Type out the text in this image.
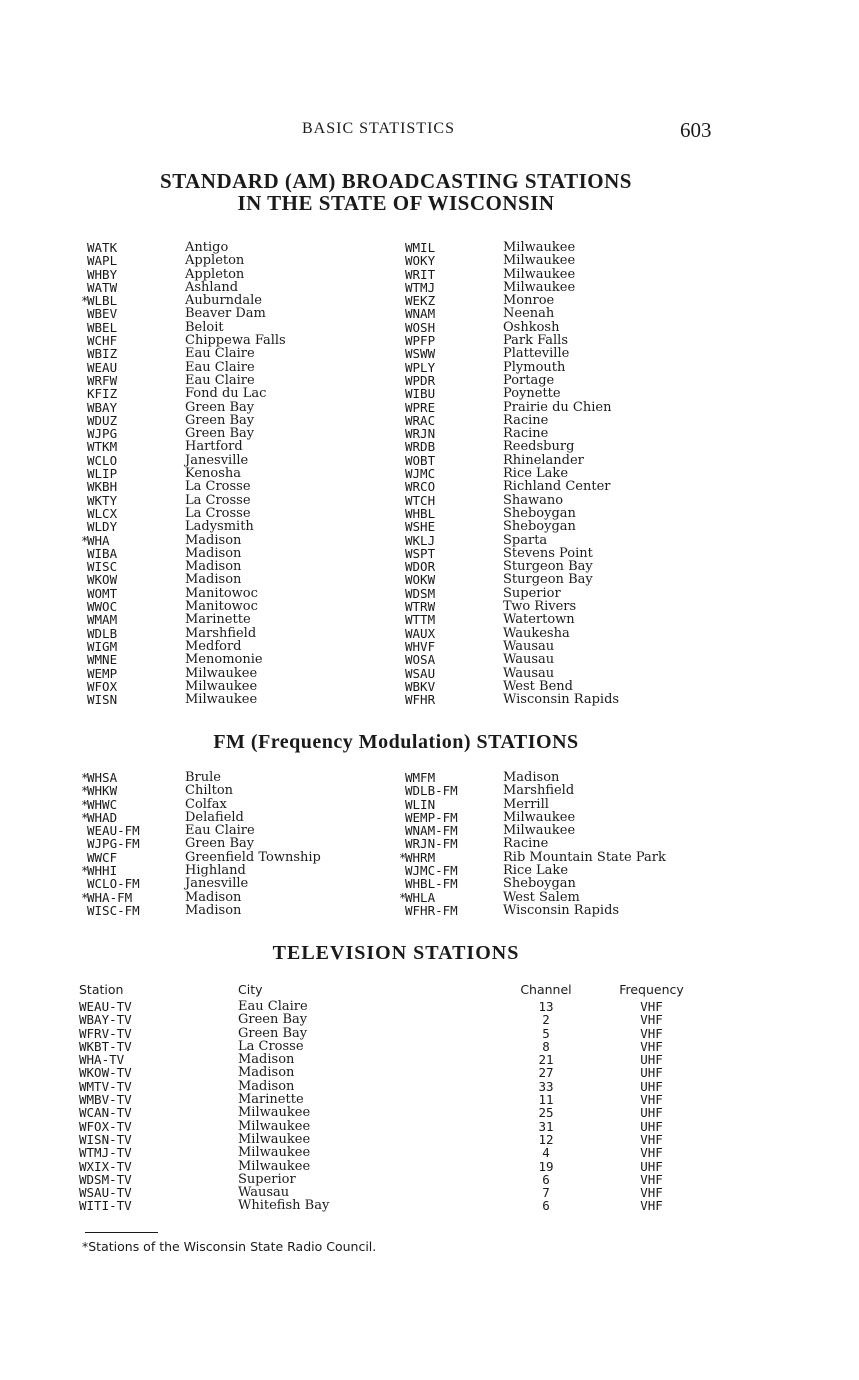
BASIC STATISTICS	603
STANDARD (AM) BROADCASTING STATIONS
IN THE STATE OF WISCONSIN
WATK	Antigo
WAPL	Appleton
WHBY	Appleton
WATW	Ashland
*
WLBL	Auburndale
WBEV	Beaver Dam
WBEL	Beloit
WCHF	Chippewa Falls
WBIZ	Eau Claire
WEAU	Eau Claire
WRFW	Eau Claire
KFIZ	Fond du Lac
WBAY	Green Bay
WDUZ	Green Bay
WJPG	Green Bay
WTKM	Hartford
WCLO	Janesville
WLIP	Kenosha
WKBH	La Crosse
WKTY	La Crosse
WLCX	La Crosse
WLDY	Ladysmith
*
WHA	Madison
WIBA	Madison
WISC	Madison
WKOW	Madison
WOMT	Manitowoc
WWOC	Manitowoc
WMAM	Marinette
WDLB	Marshfield
WIGM	Medford
WMNE	Menomonie
WEMP	Milwaukee
WFOX	Milwaukee
WISN	Milwaukee
WMIL	Milwaukee
WOKY	Milwaukee
WRIT	Milwaukee
WTMJ	Milwaukee
WEKZ	Monroe
WNAM	Neenah
WOSH	Oshkosh
WPFP	Park Falls
WSWW	Platteville
WPLY	Plymouth
WPDR	Portage
WIBU	Poynette
WPRE	Prairie du Chien
WRAC	Racine
WRJN	Racine
WRDB	Reedsburg
WOBT	Rhinelander
WJMC	Rice Lake
WRCO	Richland Center
WTCH	Shawano
WHBL	Sheboygan
WSHE	Sheboygan
WKLJ	Sparta
WSPT	Stevens Point
WDOR	Sturgeon Bay
WOKW	Sturgeon Bay
WDSM	Superior
WTRW	Two Rivers
WTTM	Watertown
WAUX	Waukesha
WHVF	Wausau
WOSA	Wausau
WSAU	Wausau
WBKV	West Bend
WFHR	Wisconsin Rapids
FM (Frequency Modulation) STATIONS
*
WHSA	Brule
*
WHKW	Chilton
*
WHWC	Colfax
*
WHAD	Delafield
WEAU-FM	Eau Claire
WJPG-FM	Green Bay
WWCF	Greenfield Township
*
WHHI	Highland
WCLO-FM	Janesville
*
WHA-FM	Madison
WISC-FM	Madison
WMFM	Madison
WDLB-FM	Marshfield
WLIN	Merrill
WEMP-FM	Milwaukee
WNAM-FM	Milwaukee
WRJN-FM	Racine
*
WHRM	Rib Mountain State Park
WJMC-FM	Rice Lake
WHBL-FM	Sheboygan
*
WHLA	West Salem
WFHR-FM	Wisconsin Rapids
TELEVISION STATIONS
Station	City	Channel	Frequency
WEAU-TV	Eau Claire	13	VHF
WBAY-TV	Green Bay	2	VHF
WFRV-TV	Green Bay	5	VHF
WKBT-TV	La Crosse	8	VHF
WHA-TV	Madison	21	UHF
WKOW-TV	Madison	27	UHF
WMTV-TV	Madison	33	UHF
WMBV-TV	Marinette	11	VHF
WCAN-TV	Milwaukee	25	UHF
WFOX-TV	Milwaukee	31	UHF
WISN-TV	Milwaukee	12	VHF
WTMJ-TV	Milwaukee	4	VHF
WXIX-TV	Milwaukee	19	UHF
WDSM-TV	Superior	6	VHF
WSAU-TV	Wausau	7	VHF
WITI-TV	Whitefish Bay	6	VHF
*Stations of the Wisconsin State Radio Council.
